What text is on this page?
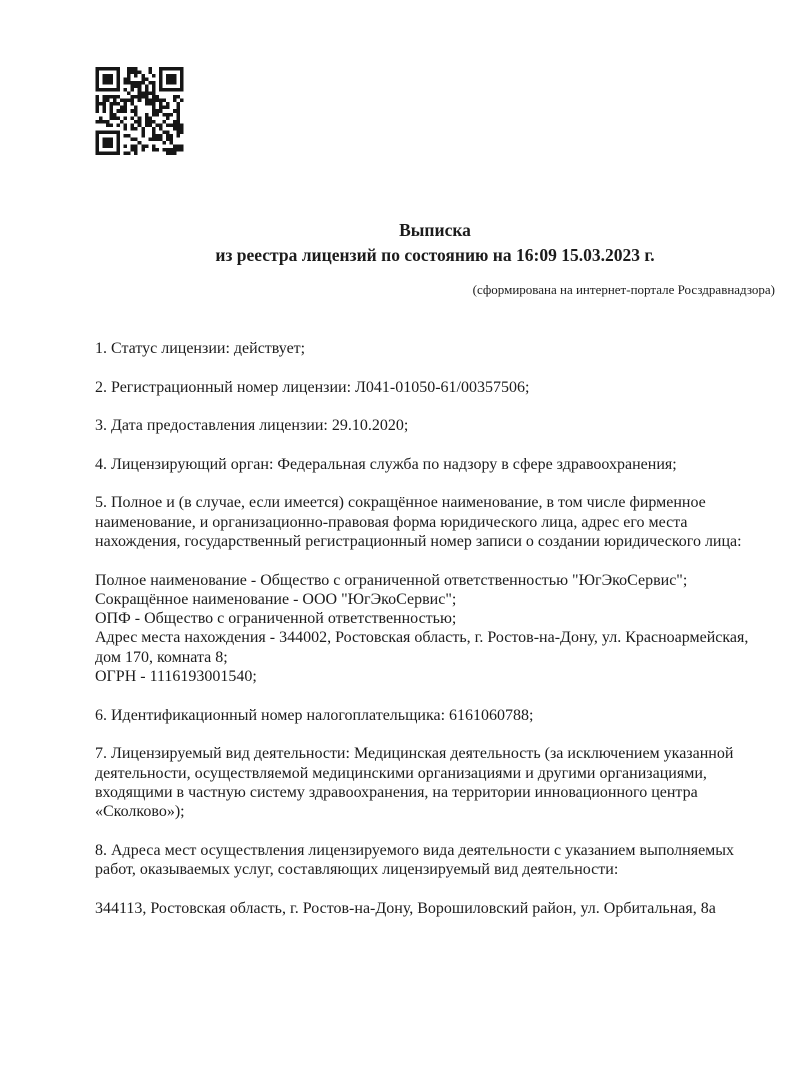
Выписка
из реестра лицензий по состоянию на 16:09 15.03.2023 г.
(сформирована на интернет-портале Росздравнадзора)

1. Статус лицензии: действует;

2. Регистрационный номер лицензии: Л041-01050-61/00357506;

3. Дата предоставления лицензии: 29.10.2020;

4. Лицензирующий орган: Федеральная служба по надзору в сфере здравоохранения;

5. Полное и (в случае, если имеется) сокращённое наименование, в том числе фирменное наименование, и организационно-правовая форма юридического лица, адрес его места нахождения, государственный регистрационный номер записи о создании юридического лица:

Полное наименование - Общество с ограниченной ответственностью "ЮгЭкоСервис";
Сокращённое наименование - ООО "ЮгЭкоСервис";
ОПФ - Общество с ограниченной ответственностью;
Адрес места нахождения - 344002, Ростовская область, г. Ростов-на-Дону, ул. Красноармейская, дом 170, комната 8;
ОГРН - 1116193001540;

6. Идентификационный номер налогоплательщика: 6161060788;

7. Лицензируемый вид деятельности: Медицинская деятельность (за исключением указанной деятельности, осуществляемой медицинскими организациями и другими организациями, входящими в частную систему здравоохранения, на территории инновационного центра «Сколково»);

8. Адреса мест осуществления лицензируемого вида деятельности с указанием выполняемых работ, оказываемых услуг, составляющих лицензируемый вид деятельности:

344113, Ростовская область, г. Ростов-на-Дону, Ворошиловский район, ул. Орбитальная, 8а
